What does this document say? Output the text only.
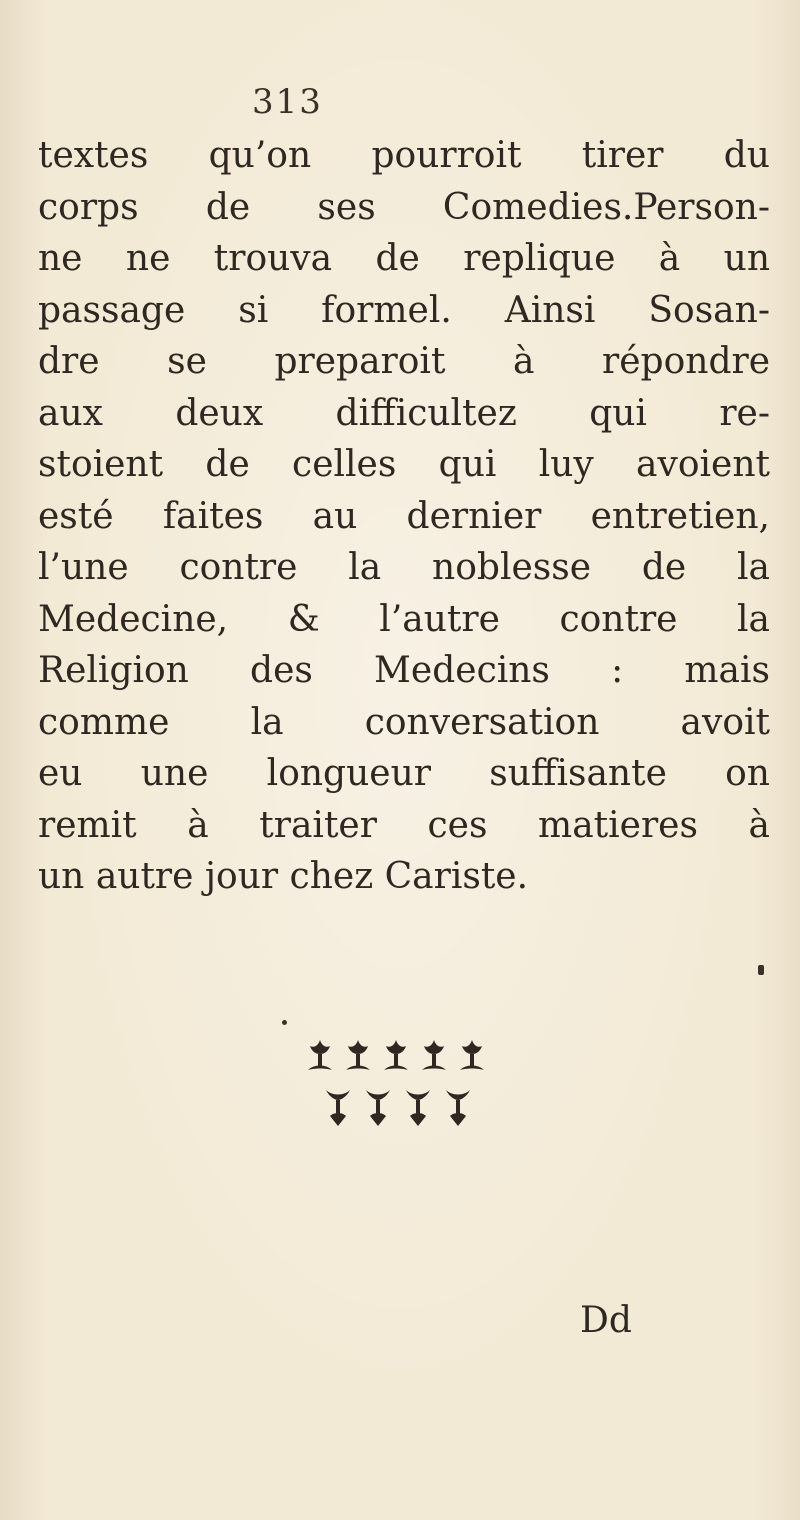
313
textes qu’on pourroit tirer du
corps de ses Comedies.Person-
ne ne trouva de replique à un
passage si formel. Ainsi Sosan-
dre se preparoit à répondre
aux deux difficultez qui re-
stoient de celles qui luy avoient
esté faites au dernier entretien,
l’une contre la noblesse de la
Medecine, & l’autre contre la
Religion des Medecins : mais
comme la conversation avoit
eu une longueur suffisante on
remit à traiter ces matieres à
un autre jour chez Cariste.
Dd
